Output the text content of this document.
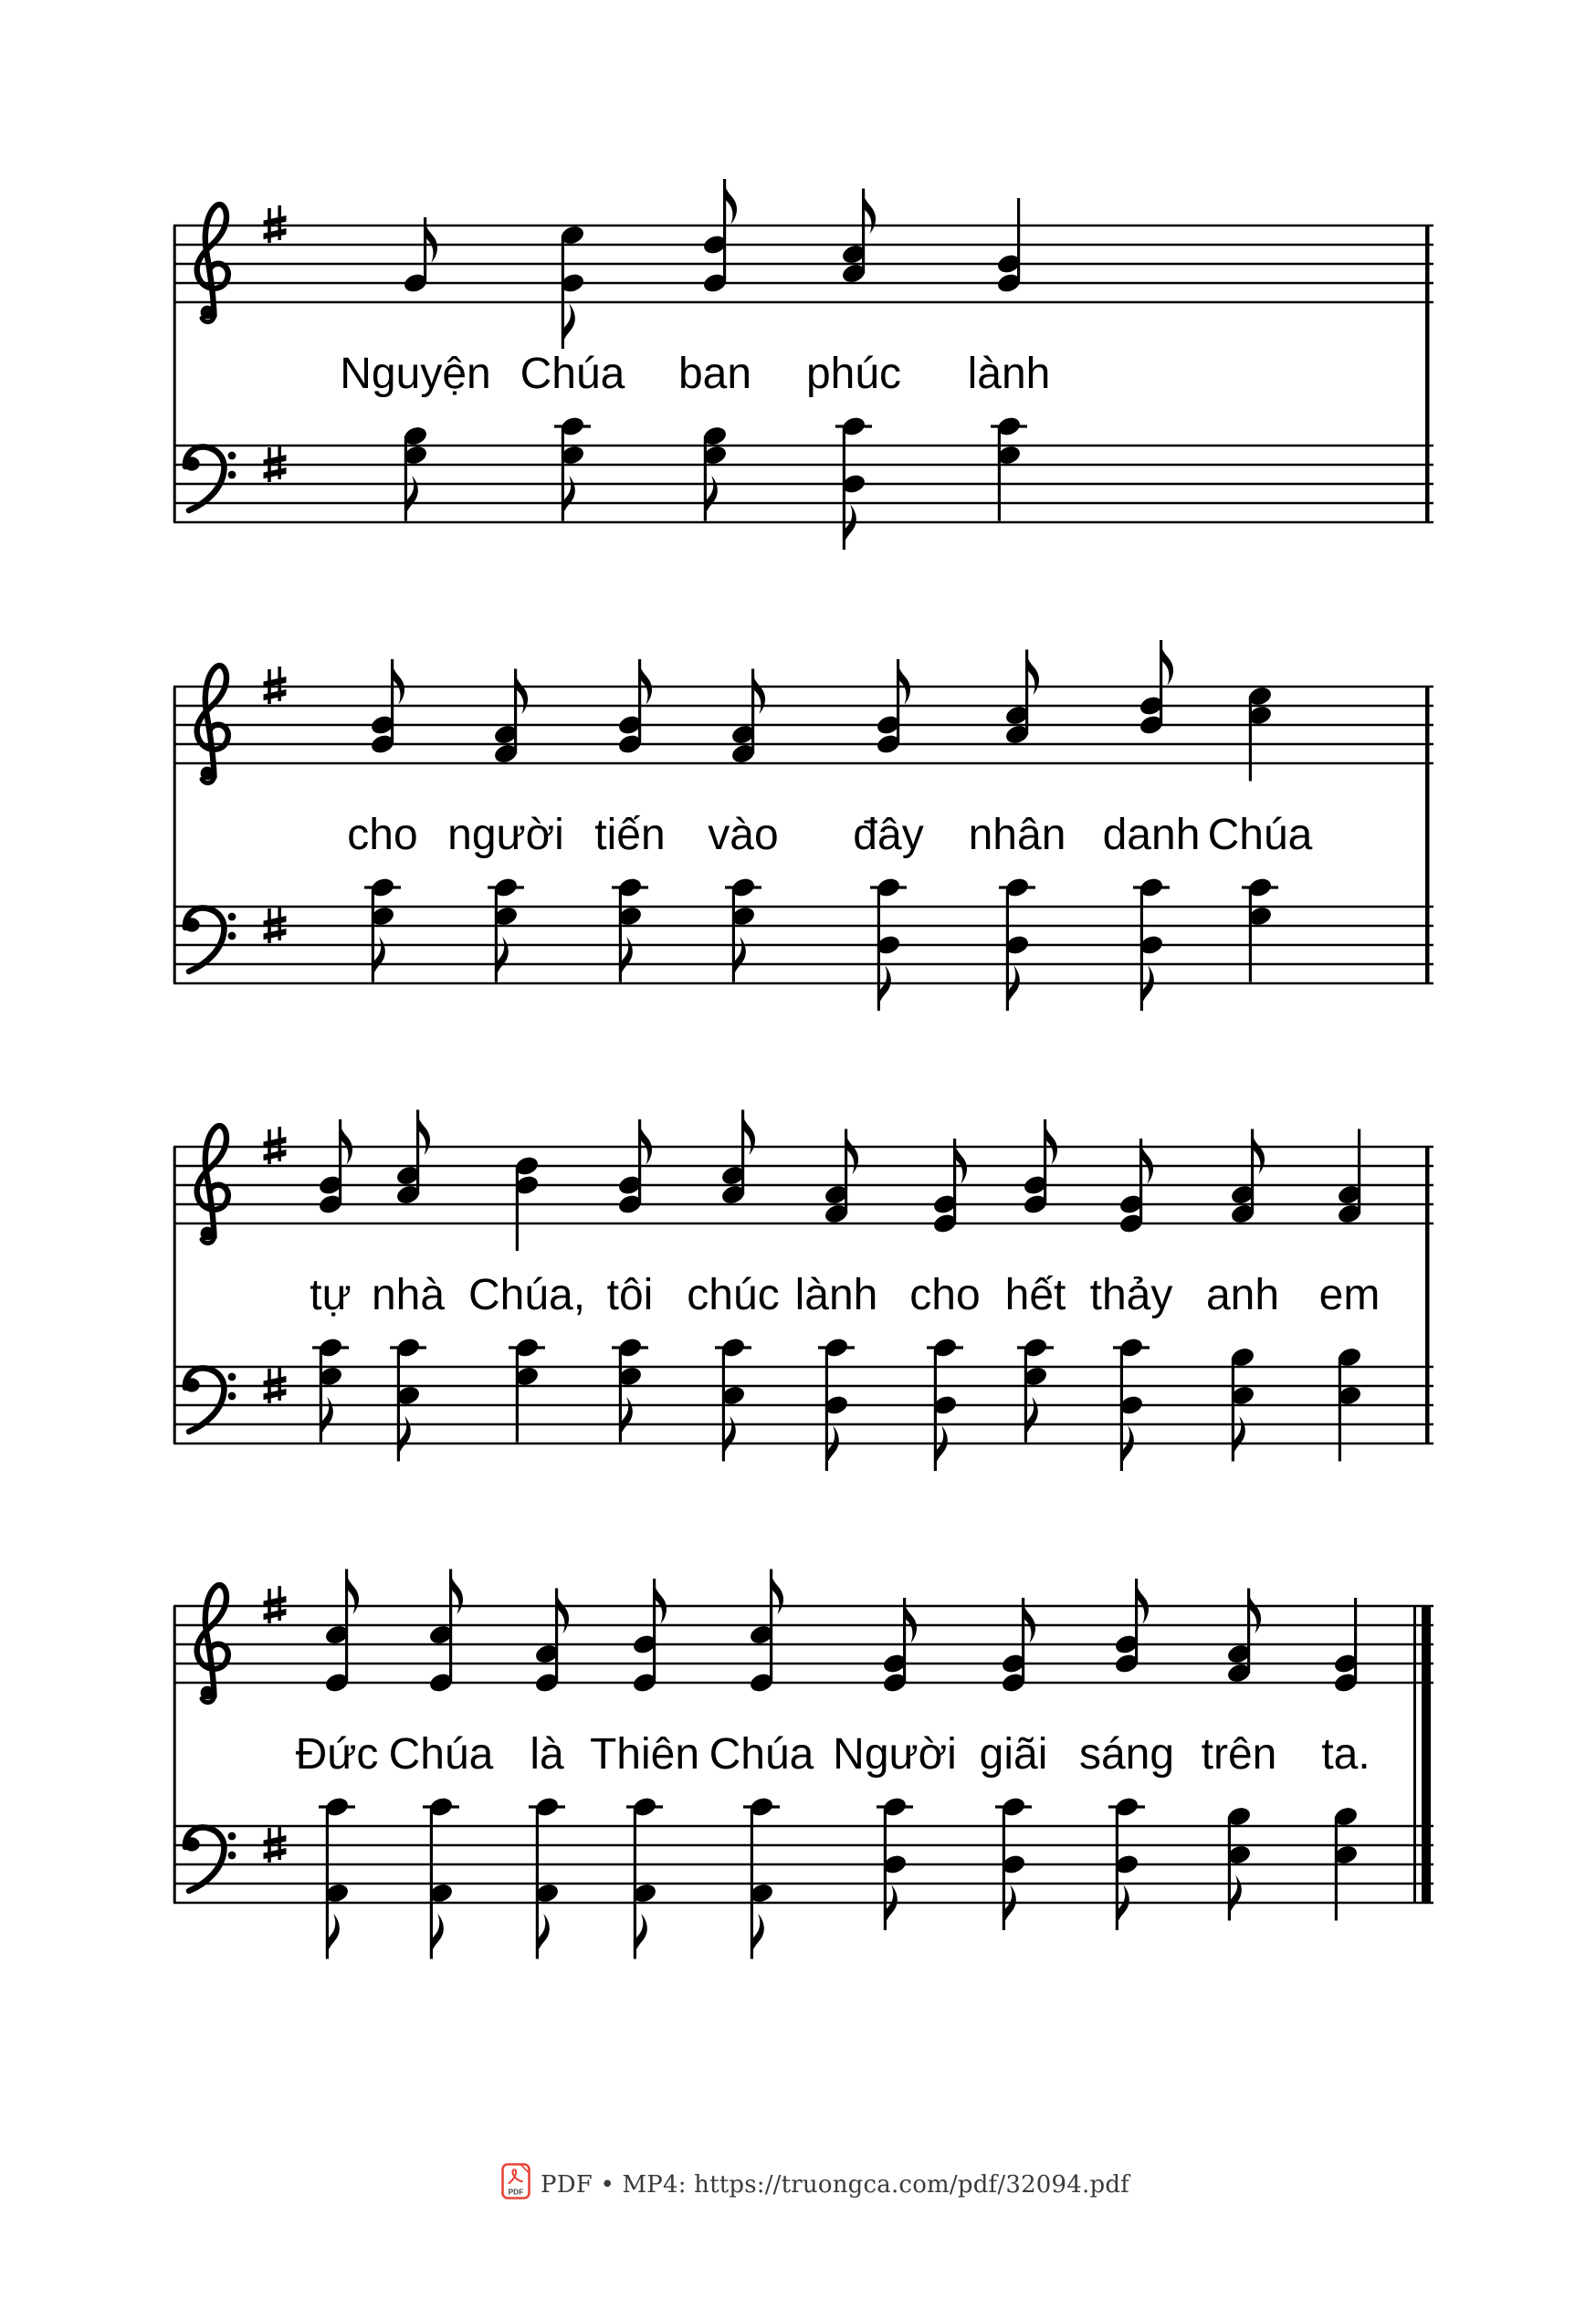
Nguyện Chúa ban phúc lành
cho người tiến vào đây nhân danh Chúa
tự nhà Chúa, tôi chúc lành cho hết thảy anh em
Đức Chúa là Thiên Chúa Người giãi sáng trên ta.
PDF PDF • MP4: https://truongca.com/pdf/32094.pdf
